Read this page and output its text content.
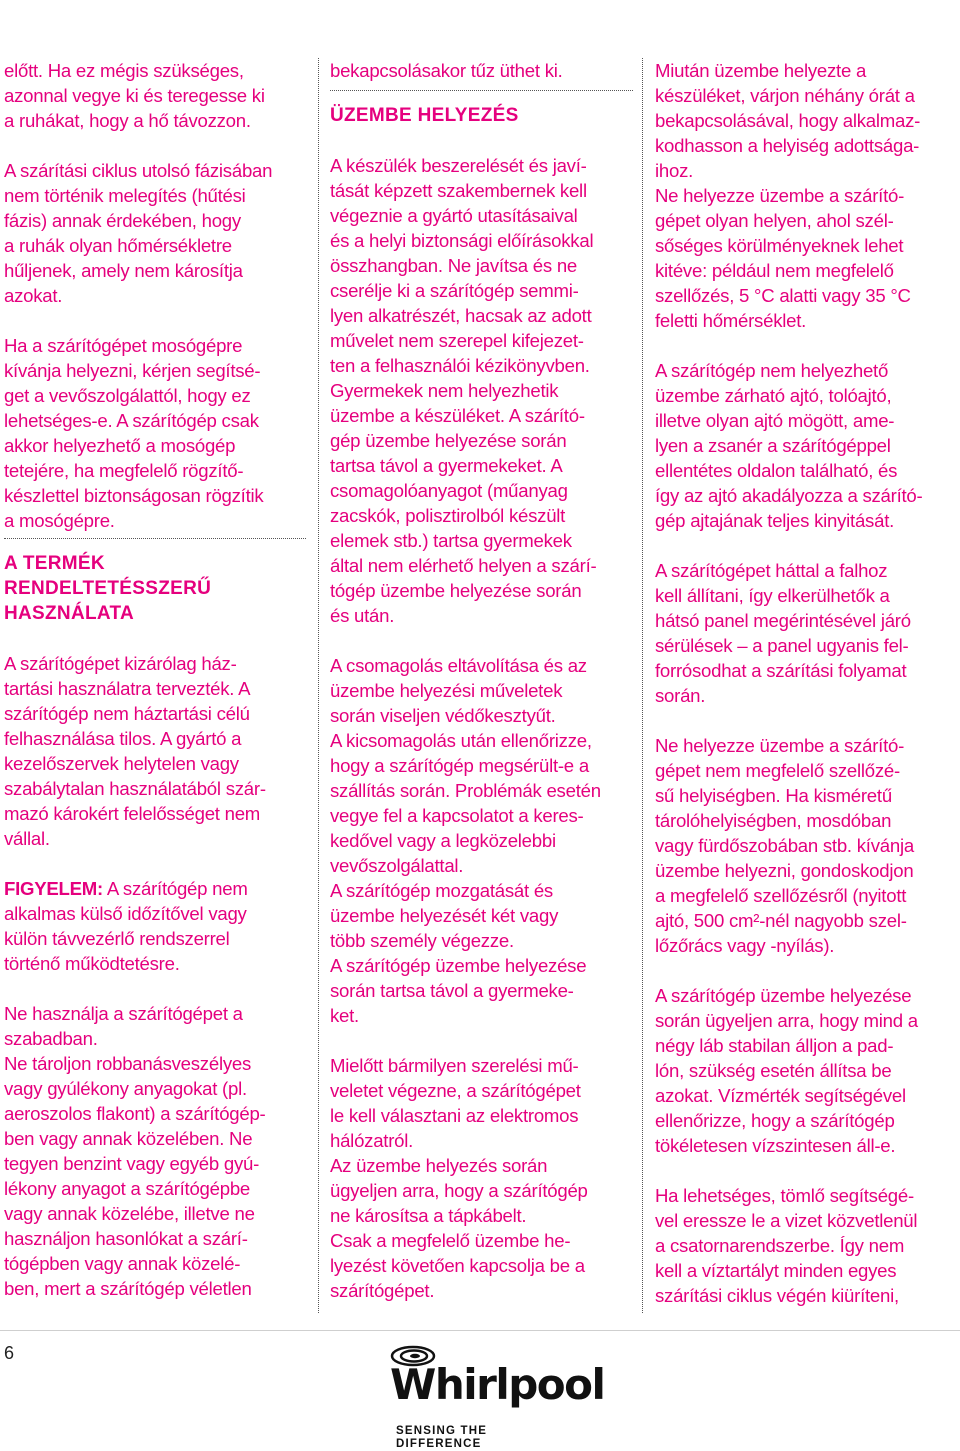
előtt. Ha ez mégis szükséges,
azonnal vegye ki és teregesse ki
a ruhákat, hogy a hő távozzon.
A szárítási ciklus utolsó fázisában
nem történik melegítés (hűtési
fázis) annak érdekében, hogy
a ruhák olyan hőmérsékletre
hűljenek, amely nem károsítja
azokat.
Ha a szárítógépet mosógépre
kívánja helyezni, kérjen segítsé-
get a vevőszolgálattól, hogy ez
lehetséges-e. A szárítógép csak
akkor helyezhető a mosógép
tetejére, ha megfelelő rögzítő-
készlettel biztonságosan rögzítik
a mosógépre.
A TERMÉK
RENDELTETÉSSZERŰ
HASZNÁLATA
A szárítógépet kizárólag ház-
tartási használatra tervezték. A
szárítógép nem háztartási célú
felhasználása tilos. A gyártó a
kezelőszervek helytelen vagy
szabálytalan használatából szár-
mazó károkért felelősséget nem
vállal.
FIGYELEM: A szárítógép nem
alkalmas külső időzítővel vagy
külön távvezérlő rendszerrel
történő működtetésre.
Ne használja a szárítógépet a
szabadban.
Ne tároljon robbanásveszélyes
vagy gyúlékony anyagokat (pl.
aeroszolos flakont) a szárítógép-
ben vagy annak közelében. Ne
tegyen benzint vagy egyéb gyú-
lékony anyagot a szárítógépbe
vagy annak közelébe, illetve ne
használjon hasonlókat a szárí-
tógépben vagy annak közelé-
ben, mert a szárítógép véletlen
bekapcsolásakor tűz üthet ki.
ÜZEMBE HELYEZÉS
A készülék beszerelését és javí-
tását képzett szakembernek kell
végeznie a gyártó utasításaival
és a helyi biztonsági előírásokkal
összhangban. Ne javítsa és ne
cserélje ki a szárítógép semmi-
lyen alkatrészét, hacsak az adott
művelet nem szerepel kifejezet-
ten a felhasználói kézikönyvben.
Gyermekek nem helyezhetik
üzembe a készüléket. A szárító-
gép üzembe helyezése során
tartsa távol a gyermekeket. A
csomagolóanyagot (műanyag
zacskók, polisztirolból készült
elemek stb.) tartsa gyermekek
által nem elérhető helyen a szárí-
tógép üzembe helyezése során
és után.
A csomagolás eltávolítása és az
üzembe helyezési műveletek
során viseljen védőkesztyűt.
A kicsomagolás után ellenőrizze,
hogy a szárítógép megsérült-e a
szállítás során. Problémák esetén
vegye fel a kapcsolatot a keres-
kedővel vagy a legközelebbi
vevőszolgálattal.
A szárítógép mozgatását és
üzembe helyezését két vagy
több személy végezze.
A szárítógép üzembe helyezése
során tartsa távol a gyermeke-
ket.
Mielőtt bármilyen szerelési mű-
veletet végezne, a szárítógépet
le kell választani az elektromos
hálózatról.
Az üzembe helyezés során
ügyeljen arra, hogy a szárítógép
ne károsítsa a tápkábelt.
Csak a megfelelő üzembe he-
lyezést követően kapcsolja be a
szárítógépet.
Miután üzembe helyezte a
készüléket, várjon néhány órát a
bekapcsolásával, hogy alkalmaz-
kodhasson a helyiség adottsága-
ihoz.
Ne helyezze üzembe a szárító-
gépet olyan helyen, ahol szél-
sőséges körülményeknek lehet
kitéve: például nem megfelelő
szellőzés, 5 °C alatti vagy 35 °C
feletti hőmérséklet.
A szárítógép nem helyezhető
üzembe zárható ajtó, tolóajtó,
illetve olyan ajtó mögött, ame-
lyen a zsanér a szárítógéppel
ellentétes oldalon található, és
így az ajtó akadályozza a szárító-
gép ajtajának teljes kinyitását.
A szárítógépet háttal a falhoz
kell állítani, így elkerülhetők a
hátsó panel megérintésével járó
sérülések – a panel ugyanis fel-
forrósodhat a szárítási folyamat
során.
Ne helyezze üzembe a szárító-
gépet nem megfelelő szellőzé-
sű helyiségben. Ha kisméretű
tárolóhelyiségben, mosdóban
vagy fürdőszobában stb. kívánja
üzembe helyezni, gondoskodjon
a megfelelő szellőzésről (nyitott
ajtó, 500 cm²-nél nagyobb szel-
lőzőrács vagy -nyílás).
A szárítógép üzembe helyezése
során ügyeljen arra, hogy mind a
négy láb stabilan álljon a pad-
lón, szükség esetén állítsa be
azokat. Vízmérték segítségével
ellenőrizze, hogy a szárítógép
tökéletesen vízszintesen áll-e.
Ha lehetséges, tömlő segítségé-
vel eressze le a vizet közvetlenül
a csatornarendszerbe. Így nem
kell a víztartályt minden egyes
szárítási ciklus végén kiüríteni,
6
Whirlpool
SENSING THE DIFFERENCE
